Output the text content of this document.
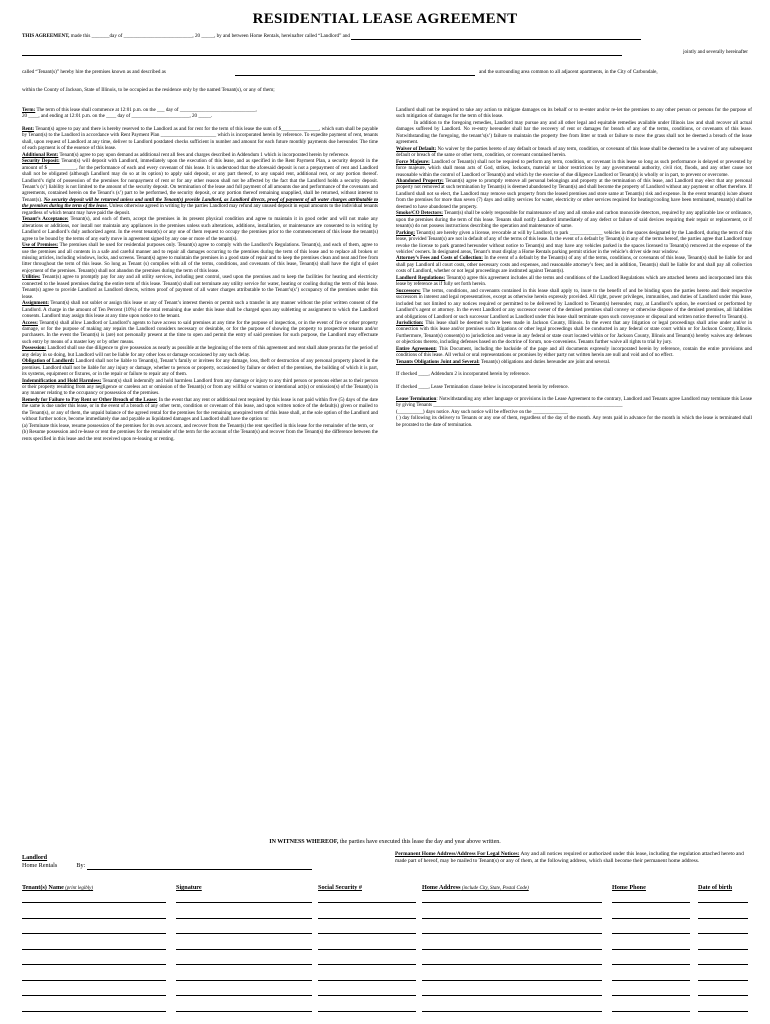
RESIDENTIAL LEASE AGREEMENT
THIS AGREEMENT, made this _______day of ___________________________, 20 _____, by and between Home Rentals, hereinafter called “Landlord” and
jointly and severally hereinafter
called “Tenant(s)” hereby hire the premises known as and described as	and the surrounding area common to all adjacent apartments, in the City of Carbondale,
within the County of Jackson, State of Illinois, to be occupied as the residence only by the named Tenant(s), or any of them;

Term: The term of this lease shall commence at 12:01 p.m. on the ___ day of ______________________________,

20 ____, and ending at 12:01 p.m. on the ____ day of _______________________, 20 _____.

Rent: Tenant(s) agree to pay and there is hereby reserved to the Landlord as and for rent for the term of this lease the sum of $_______________, which sum shall be payable by Tenant(s) to the Landlord in accordance with Rent Payment Plan ______________________ which is incorporated herein by reference. To expedite payment of rent, tenants shall, upon request of Landlord at any time, deliver to Landlord postdated checks sufficient in number and amount for each future monthly payments due hereunder. The time of each payment is of the essence of this lease.

Additional Rent: Tenant(s) agree to pay upon demand as additional rent all fees and charges described in Addendum 1 which is incorporated herein by reference.

Security Deposit: Tenant(s) will deposit with Landlord, immediately upon the execution of this lease, and as specified in the Rent Payment Plan, a security deposit in the amount of $ ___________, for the performance of each and every covenant of this lease. It is understood that the aforesaid deposit is not a prepayment of rent and Landlord shall not be obligated (although Landlord may do so at its option) to apply said deposit, or any part thereof, to any unpaid rent, additional rent, or any portion thereof. Landlord’s right of possession of the premises for nonpayment of rent or for any other reason shall not be affected by the fact that the Landlord holds a security deposit. Tenant’s (s’) liability is not limited to the amount of the security deposit. On termination of the lease and full payment of all amounts due and performance of the covenants and agreements, contained herein on the Tenant’s (s’) part to be performed, the security deposit, or any portion thereof remaining unapplied, shall be returned, without interest to Tenant(s). No security deposit will be returned unless and until the Tenant(s) provide Landlord, as Landlord directs, proof of payment of all water charges attributable to the premises during the term of the lease. Unless otherwise agreed in writing by the parties Landlord may refund any unused deposit in equal amounts to the individual tenants regardless of which tenant may have paid the deposit.

Tenant’s Acceptance: Tenant(s), and each of them, accept the premises in its present physical condition and agree to maintain it in good order and will not make any alterations or additions, nor install nor maintain any appliances in the premises unless such alterations, additions, installation, or maintenance are consented to in writing by Landlord or Landlord’s duly authorized agent. In the event tenant(s) or any one of them request to occupy the premises prior to the commencement of this lease the tenant(s) agree to be bound by the terms of any early move in agreement signed by any one or more of the tenant(s).

Use of Premises: The premises shall be used for residential purposes only. Tenant(s) agree to comply with the Landlord’s Regulations. Tenant(s), and each of them, agree to use the premises and all contents in a safe and careful manner and to repair all damages occurring to the premises during the term of this lease and to replace all broken or missing articles, including windows, locks, and screens. Tenant(s) agree to maintain the premises in a good state of repair and to keep the premises clean and neat and free from litter throughout the term of this lease. So long as Tenant (s) complies with all of the terms, conditions, and covenants of this lease, Tenant(s) shall have the right of quiet enjoyment of the premises. Tenant(s) shall not abandon the premises during the term of this lease.

Utilities: Tenant(s) agree to promptly pay for any and all utility services, including pest control, used upon the premises and to keep the facilities for heating and electricity connected to the leased premises during the entire term of this lease. Tenant(s) shall not terminate any utility service for water, heating or cooling during the term of this lease. Tenant(s) agree to provide Landlord as Landlord directs, written proof of payment of all water charges attributable to the Tenant’s(s’) occupancy of the premises under this lease.

Assignment: Tenant(s) shall not sublet or assign this lease or any of Tenant’s interest therein or permit such a transfer in any manner without the prior written consent of the Landlord. A charge in the amount of Ten Percent (10%) of the total remaining due under this lease shall be charged upon any subletting or assignment to which the Landlord consents. Landlord may assign this lease at any time upon notice to the tenant.

Access: Tenant(s) shall allow Landlord or Landlord’s agents to have access to said premises at any time for the purpose of inspection, or in the event of fire or other property damage, or for the purpose of making any repairs the Landlord considers necessary or desirable, or for the purpose of showing the property to prospective tenants and/or purchasers. In the event the Tenant(s) is (are) not personally present at the time to open and permit the entry of said premises for such purpose, the Landlord may effectuate such entry by means of a master key or by other means.

Possession: Landlord shall use due diligence to give possession as nearly as possible at the beginning of the term of this agreement and rent shall abate prorata for the period of any delay in so doing, but Landlord will not be liable for any other loss or damage occasioned by any such delay.

Obligation of Landlord: Landlord shall not be liable to Tenant(s), Tenant’s family or invitees for any damage, loss, theft or destruction of any personal property placed in the premises. Landlord shall not be liable for any injury or damage, whether to person or property, occasioned by failure or defect of the premises, the building of which it is part, its systems, equipment or fixtures, or in the repair or failure to repair any of them.

Indemnification and Hold Harmless: Tenant(s) shall indemnify and hold harmless Landlord from any damage or injury to any third person or persons either as to their person or their property resulting from any negligence or careless act or omission of the Tenant(s) or from any willful or wanton or intentional act(s) or omission(s) of the Tenant(s) in any manner relating to the occupancy or possession of the premises.

Remedy for Failure to Pay Rent or Other Breach of the Lease: In the event that any rent or additional rent required by this lease is not paid within five (5) days of the date the same is due under this lease, or in the event of a breach of any other term, condition or covenant of this lease, and upon written notice of the default(s) given or mailed to the Tenant(s), or any of them, the unpaid balance of the agreed rental for the premises for the remaining unexpired term of this lease shall, at the sole option of the Landlord and without further notice, become immediately due and payable as liquidated damages and Landlord shall have the option to:

(a) Terminate this lease, resume possession of the premises for its own account, and recover from the Tenant(s) the rent specified in this lease for the remainder of the term, or

(b) Resume possession and re-lease or rent the premises for the remainder of the term for the account of the Tenant(s) and recover from the Tenant(s) the difference between the rents specified in this lease and the rent received upon re-leasing or renting.

Landlord shall not be required to take any action to mitigate damages on its behalf or to re-enter and/or re-let the premises to any other person or persons for the purpose of such mitigation of damages for the term of this lease.

In addition to the foregoing remedies, Landlord may pursue any and all other legal and equitable remedies available under Illinois law and shall recover all actual damages suffered by Landlord. No re-entry hereunder shall bar the recovery of rent or damages for breach of any of the terms, conditions, or covenants of this lease. Notwithstanding the foregoing, the tenant’s(s’) failure to maintain the property free from litter or trash or failure to mow the grass shall not be deemed a breach of the lease agreement.

Waiver of Default: No waiver by the parties hereto of any default or breach of any term, condition, or covenant of this lease shall be deemed to be a waiver of any subsequent default or breach of the same or other term, condition, or covenant contained herein.

Force Majeure: Landlord or Tenant(s) shall not be required to perform any term, condition, or covenant in this lease so long as such performance is delayed or prevented by force majeure, which shall mean acts of God, strikes, lockouts, material or labor restrictions by any governmental authority, civil riot, floods, and any other cause not reasonable within the control of Landlord or Tenant(s) and which by the exercise of due diligence Landlord or Tenant(s) is wholly or in part, to prevent or overcome.

Abandoned Property: Tenant(s) agree to promptly remove all personal belongings and property at the termination of this lease, and Landlord may elect that any personal property not removed at such termination by Tenant(s) is deemed abandoned by Tenant(s) and shall become the property of Landlord without any payment or offset therefore. If Landlord shall not so elect, the Landlord may remove such property from the leased premises and store same at Tenant(s) risk and expense. In the event tenant(s) is/are absent from the premises for more than seven (7) days and utility services for water, electricity or other services required for heating/cooling have been terminated, tenant(s) shall be deemed to have abandoned the property.

Smoke/CO Detectors: Tenant(s) shall be solely responsible for maintenance of any and all smoke and carbon monoxide detectors, required by any applicable law or ordinance, upon the premises during the term of this lease. Tenants shall notify Landlord immediately of any defect or failure of said devices requiring their repair or replacement, or if tenant(s) do not possess instructions describing the operation and maintenance of same.

Parking: Tenant(s) are hereby given a license, revocable at will by Landlord, to park _____________ vehicles in the spaces designated by the Landlord, during the term of this lease, provided Tenant(s) are not in default of any of the terms of this lease. In the event of a default by Tenant(s) in any of the terms hereof, the parties agree that Landlord may revoke the license to park granted hereunder without notice to Tenant(s) and may have any vehicles parked in the spaces licensed to Tenant(s) removed at the expense of the vehicles’ owners. In designated areas, Tenant’s must display a Home Rentals parking permit sticker in the vehicle’s driver side rear window.

Attorney’s Fees and Costs of Collection: In the event of a default by the Tenant(s) of any of the terms, conditions, or covenants of this lease, Tenant(s) shall be liable for and shall pay Landlord all court costs, other necessary costs and expenses, and reasonable attorney’s fees; and in addition, Tenant(s) shall be liable for and shall pay all collection costs of Landlord, whether or not legal proceedings are instituted against Tenant(s).

Landlord Regulations: Tenant(s) agree this agreement includes all the terms and conditions of the Landlord Regulations which are attached hereto and incorporated into this lease by reference as if fully set forth herein.

Successors: The terms, conditions, and covenants contained in this lease shall apply to, inure to the benefit of and be binding upon the parties hereto and their respective successors in interest and legal representatives, except as otherwise herein expressly provided. All right, power privileges, immunities, and duties of Landlord under this lease, included but not limited to any notices required or permitted to be delivered by Landlord to Tenant(s) hereunder, may, at Landlord’s option, be exercised or performed by Landlord’s agent or attorney. In the event Landlord or any successor owner of the demised premises shall convey or otherwise dispose of the demised premises, all liabilities and obligations of Landlord or such successor Landlord as Landlord under this lease shall terminate upon such conveyance or disposal and written notice thereof to Tenant(s).

Jurisdiction: This lease shall be deemed to have been made in Jackson County, Illinois. In the event that any litigation or legal proceedings shall arise under and/or in connection with this lease and/or premises such litigations or other legal proceedings shall be conducted in any federal or state court within or for Jackson County, Illinois. Furthermore, Tenant(s) consent(s) to jurisdiction and venue in any federal or state court located within or for Jackson County, Illinois and Tenant(s) hereby waives any defenses or objections thereto, including defenses based on the doctrine of forum, non-conveniens. Tenants further waive all rights to trial by jury.

Entire Agreement: This Document, including the backside of the page and all documents expressly incorporated herein by reference, contain the entire provisions and conditions of this lease. All verbal or oral representations or promises by either party not written herein are null and void and of no effect.

Tenants Obligations Joint and Several: Tenant(s) obligations and duties hereunder are joint and several.

If checked ____, Addendum 2 is incorporated herein by reference.

If checked ____, Lease Termination clause below is incorporated herein by reference.

Lease Termination: Notwithstanding any other language or provisions in the Lease Agreement to the contrary, Landlord and Tenants agree Landlord may terminate this Lease by giving Tenants ___________________________________________________________________________

(__________) days notice. Any such notice will be effective on the ______________

( ) day following its delivery to Tenants or any one of them, regardless of the day of the month. Any rents paid in advance for the month in which the lease is terminated shall be prorated to the date of termination.

IN WITNESS WHEREOF, the parties have executed this lease the day and year above written.
Landlord
Home Rentals	By:
Permanent Home Address/Address For Legal Notices: Any and all notices required or authorized under this lease, including the regulation attached hereto and made part of hereof, may be mailed to Tenant(s) or any of them, at the following address, which shall become their permanent home address.
Tenant(s) Name (print legibly)	Signature	Social Security #	Home Address (include City, State, Postal Code)	Home Phone	Date of birth
